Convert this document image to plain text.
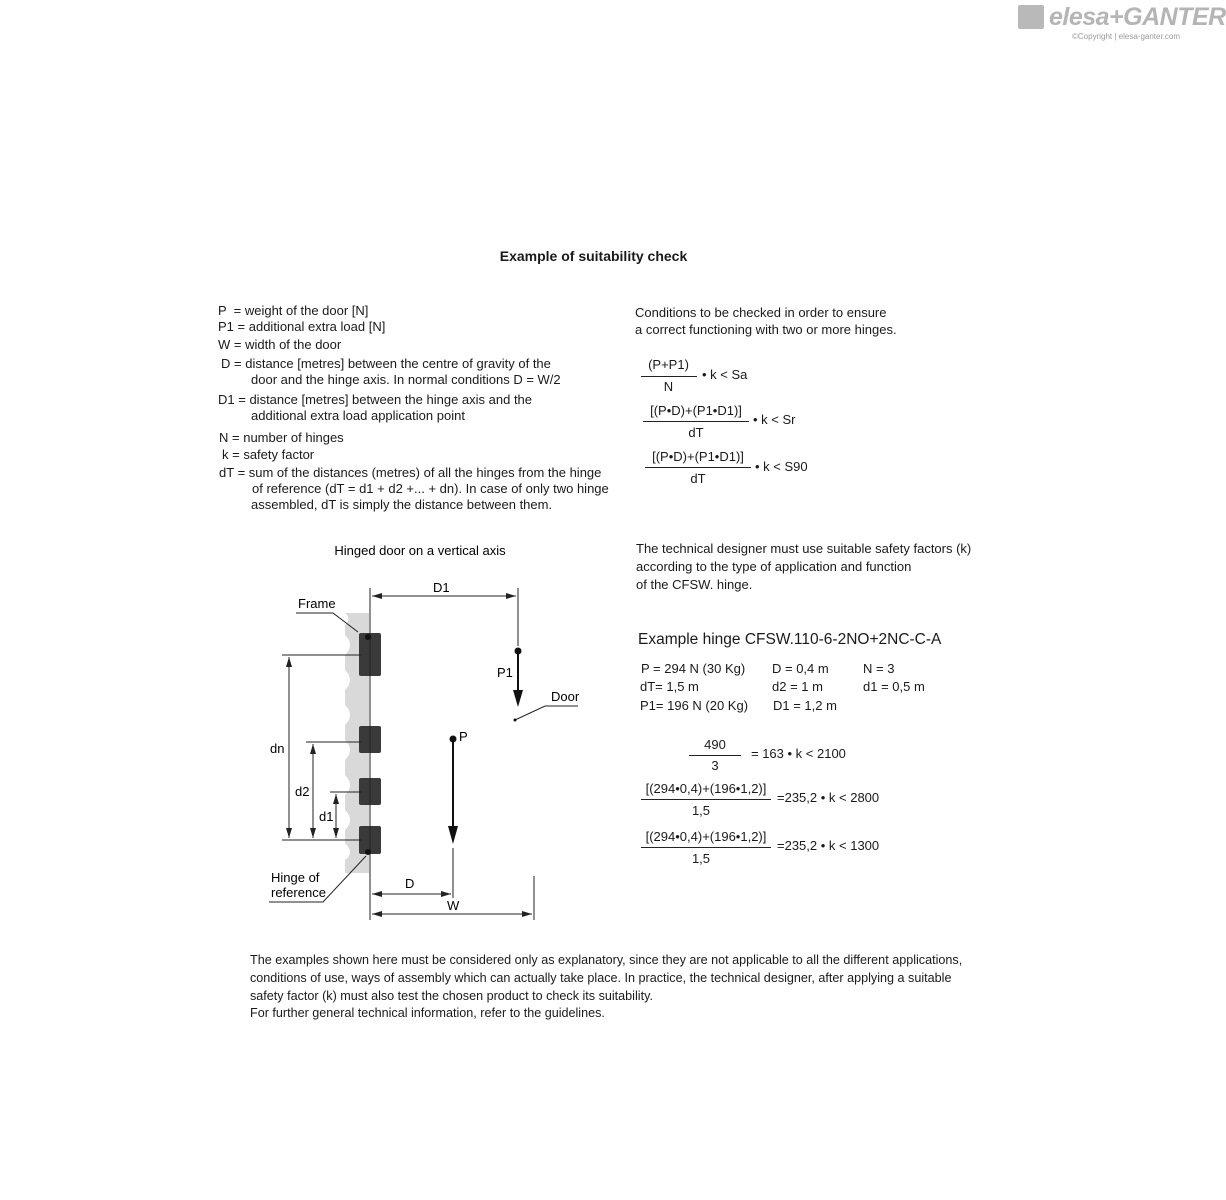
elesa+GANTER
©Copyright | elesa-ganter.com
Example of suitability check
P = weight of the door [N]
P1 = additional extra load [N]
W = width of the door
D = distance [metres] between the centre of gravity of the
door and the hinge axis. In normal conditions D = W/2
D1 = distance [metres] between the hinge axis and the
additional extra load application point
N = number of hinges
k = safety factor
dT = sum of the distances (metres) of all the hinges from the hinge
of reference (dT = d1 + d2 +... + dn). In case of only two hinge
assembled, dT is simply the distance between them.
Conditions to be checked in order to ensure
a correct functioning with two or more hinges.
(P+P1)
N
• k < Sa
[(P•D)+(P1•D1)]
dT
• k < Sr
[(P•D)+(P1•D1)]
dT
• k < S90
The technical designer must use suitable safety factors (k)
according to the type of application and function
of the CFSW. hinge.
Example hinge CFSW.110-6-2NO+2NC-C-A
P = 294 N (30 Kg) D = 0,4 m	N = 3
dT= 1,5 m	d2 = 1 m	d1 = 0,5 m
P1= 196 N (20 Kg) D1 = 1,2 m
490
3
= 163 • k < 2100
[(294•0,4)+(196•1,2)]
1,5
=235,2 • k < 2800
[(294•0,4)+(196•1,2)]
1,5
=235,2 • k < 1300
Hinged door on a vertical axis
Frame
D1
P1
Door
P
dn
d2
d1
Hinge of
reference
D
W
The examples shown here must be considered only as explanatory, since they are not applicable to all the different applications,
conditions of use, ways of assembly which can actually take place. In practice, the technical designer, after applying a suitable
safety factor (k) must also test the chosen product to check its suitability.
For further general technical information, refer to the guidelines.
